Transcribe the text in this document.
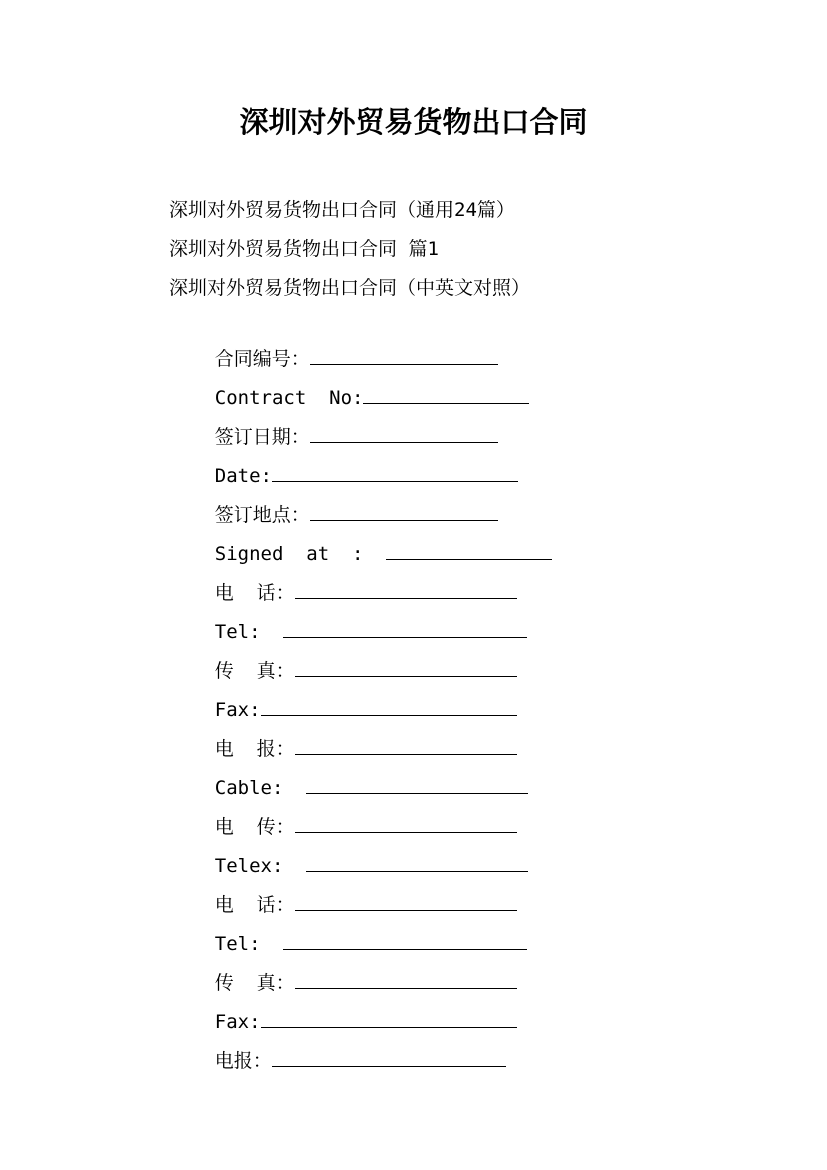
深圳对外贸易货物出口合同
深圳对外贸易货物出口合同（通用24篇）
深圳对外贸易货物出口合同 篇1
深圳对外贸易货物出口合同（中英文对照）

合同编号：

Contract  No:

签订日期：

Date:

签订地点：

Signed  at  :

电  话：

Tel:

传  真：

Fax:

电  报：

Cable:

电  传：

Telex:

电  话：

Tel:

传  真：

Fax:

电报：
